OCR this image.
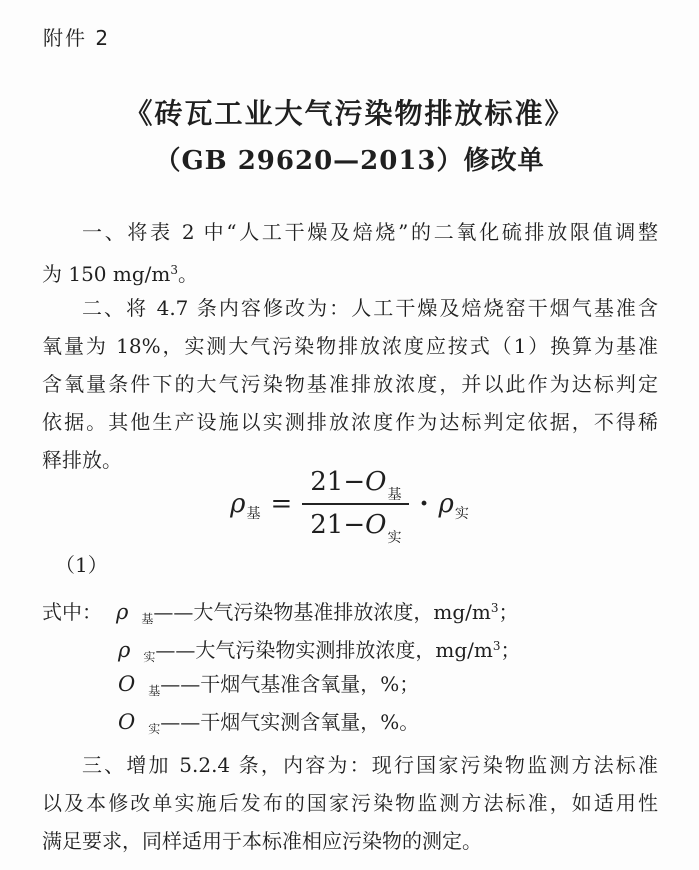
附件 2
《砖瓦工业大气污染物排放标准》
（GB 29620—2013）修改单
一、将表 2 中“人工干燥及焙烧”的二氧化硫排放限值调整
为 150 $mg/m^3$。
二、将 4.7 条内容修改为：人工干燥及焙烧窑干烟气基准含
氧量为 18%，实测大气污染物排放浓度应按式（1）换算为基准
含氧量条件下的大气污染物基准排放浓度，并以此作为达标判定
依据。其他生产设施以实测排放浓度作为达标判定依据，不得稀
释排放。
ρ 基 = $\frac{\text{21−O基}}{\text{21−O实}} \cdot \rho$ 实
（1）
式中： ρ 基——大气污染物基准排放浓度，$mg/m^3$；
ρ 实——大气污染物实测排放浓度，$mg/m^3$；
O 基——干烟气基准含氧量，%；
O 实——干烟气实测含氧量，%。
三、增加 5.2.4 条，内容为：现行国家污染物监测方法标准
以及本修改单实施后发布的国家污染物监测方法标准，如适用性
满足要求，同样适用于本标准相应污染物的测定。
